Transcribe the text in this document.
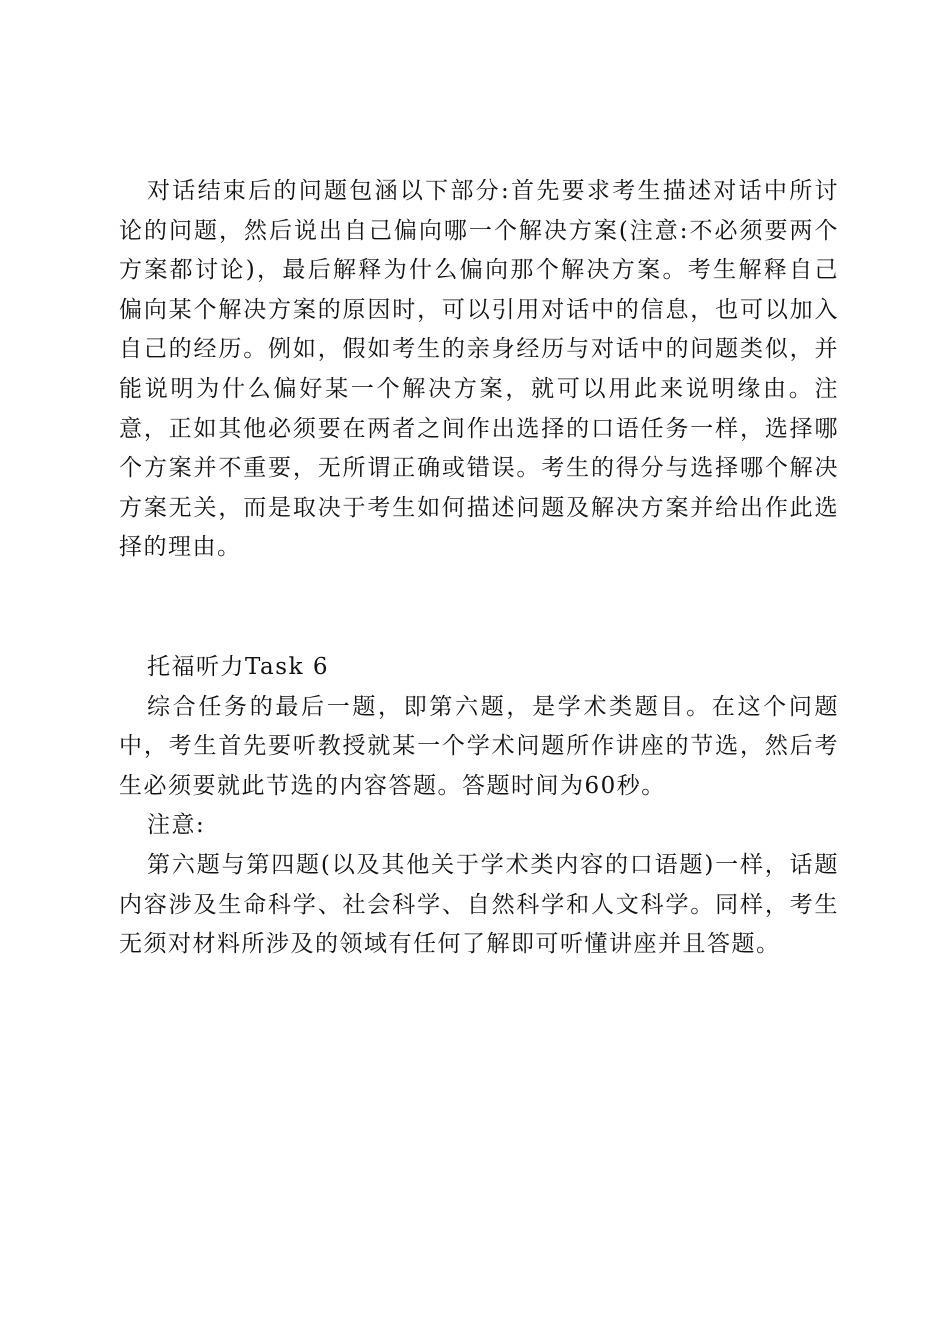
对话结束后的问题包涵以下部分:首先要求考生描述对话中所讨论的问题，然后说出自己偏向哪一个解决方案(注意:不必须要两个方案都讨论)，最后解释为什么偏向那个解决方案。考生解释自己偏向某个解决方案的原因时，可以引用对话中的信息，也可以加入自己的经历。例如，假如考生的亲身经历与对话中的问题类似，并能说明为什么偏好某一个解决方案，就可以用此来说明缘由。注意，正如其他必须要在两者之间作出选择的口语任务一样，选择哪个方案并不重要，无所谓正确或错误。考生的得分与选择哪个解决方案无关，而是取决于考生如何描述问题及解决方案并给出作此选择的理由。

托福听力Task 6

综合任务的最后一题，即第六题，是学术类题目。在这个问题中，考生首先要听教授就某一个学术问题所作讲座的节选，然后考生必须要就此节选的内容答题。答题时间为60秒。

注意:

第六题与第四题(以及其他关于学术类内容的口语题)一样，话题内容涉及生命科学、社会科学、自然科学和人文科学。同样，考生无须对材料所涉及的领域有任何了解即可听懂讲座并且答题。
